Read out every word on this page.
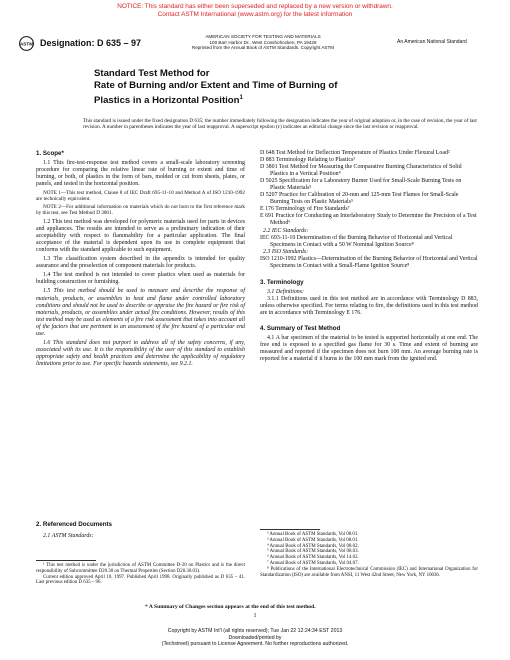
NOTICE: This standard has either been superseded and replaced by a new version or withdrawn.
Contact ASTM International (www.astm.org) for the latest information
ASTM Designation: D 635 – 97
AMERICAN SOCIETY FOR TESTING AND MATERIALS
100 Barr Harbor Dr., West Conshohocken, PA 19428
Reprinted from the Annual Book of ASTM Standards. Copyright ASTM
An American National Standard
Standard Test Method for
Rate of Burning and/or Extent and Time of Burning of
Plastics in a Horizontal Position$^1$
This standard is issued under the fixed designation D 635; the number immediately following the designation indicates the year of original adoption or, in the case of revision, the year of last revision. A number in parentheses indicates the year of last reapproval. A superscript epsilon (ε) indicates an editorial change since the last revision or reapproval.
1. Scope*

1.1 This fire-test-response test method covers a small-scale laboratory screening procedure for comparing the relative linear rate of burning or extent and time of burning, or both, of plastics in the form of bars, molded or cut from sheets, plates, or panels, and tested in the horizontal position.

NOTE 1—This test method, Clause 8 of IEC Draft 695-11-10 and Method A of ISO 1210-1992 are technically equivalent.

NOTE 2—For additional information on materials which do not burn to the first reference mark by this test, see Test Method D 3801.

1.2 This test method was developed for polymeric materials used for parts in devices and appliances. The results are intended to serve as a preliminary indication of their acceptability with respect to flammability for a particular application. The final acceptance of the material is dependent upon its use in complete equipment that conforms with the standard applicable to such equipment.

1.3 The classification system described in the appendix is intended for quality assurance and the preselection of component materials for products.

1.4 The test method is not intended to cover plastics when used as materials for building construction or furnishing.

1.5 This test method should be used to measure and describe the response of materials, products, or assemblies to heat and flame under controlled laboratory conditions and should not be used to describe or appraise the fire hazard or fire risk of materials, products, or assemblies under actual fire conditions. However, results of this test method may be used as elements of a fire risk assessment that takes into account all of the factors that are pertinent to an assessment of the fire hazard of a particular end use.

1.6 This standard does not purport to address all of the safety concerns, if any, associated with its use. It is the responsibility of the user of this standard to establish appropriate safety and health practices and determine the applicability of regulatory limitations prior to use. For specific hazards statements, see 9.2.1.

2. Referenced Documents
2.1 ASTM Standards:
¹ This test method is under the jurisdiction of ASTM Committee D-20 on Plastics and is the direct responsibility of Subcommittee D20.30 on Thermal Properties (Section D20.30.03).
Current edition approved April 10, 1997. Published April 1998. Originally published as D 635 – 41. Last previous edition D 635 – 96.

D 648 Test Method for Deflection Temperature of Plastics Under Flexural Load²

D 883 Terminology Relating to Plastics³

D 3801 Test Method for Measuring the Comparative Burning Characteristics of Solid Plastics in a Vertical Position⁴

D 5025 Specification for a Laboratory Burner Used for Small-Scale Burning Tests on Plastic Materials⁵

D 5207 Practice for Calibration of 20-mm and 125-mm Test Flames for Small-Scale Burning Tests on Plastic Materials⁵

E 176 Terminology of Fire Standards⁷

E 691 Practice for Conducting an Interlaboratory Study to Determine the Precision of a Test Method⁶

2.2 IEC Standards:

IEC 693-11-10 Determination of the Burning Behavior of Horizontal and Vertical Specimens in Contact with a 50 W Nominal Ignition Source⁸

2.3 ISO Standards:

ISO 1210-1992 Plastics—Determination of the Burning Behavior of Horizontal and Vertical Specimens in Contact with a Small-Flame Ignition Source⁸

3. Terminology
3.1 Definitions:

3.1.1 Definitions used in this test method are in accordance with Terminology D 883, unless otherwise specified. For terms relating to fire, the definitions used in this test method are in accordance with Terminology E 176.

4. Summary of Test Method

4.1 A bar specimen of the material to be tested is supported horizontally at one end. The free end is exposed to a specified gas flame for 30 s. Time and extent of burning are measured and reported if the specimen does not burn 100 mm. An average burning rate is reported for a material if it burns to the 100 mm mark from the ignited end.

² Annual Book of ASTM Standards, Vol 08.01.
³ Annual Book of ASTM Standards, Vol 08.01.
⁴ Annual Book of ASTM Standards, Vol 08.02.
⁵ Annual Book of ASTM Standards, Vol 08.03.
⁶ Annual Book of ASTM Standards, Vol 14.02.
⁷ Annual Book of ASTM Standards, Vol 04.07.
⁸ Publications of the International Electrotechnical Commission (IEC) and International Organization for Standardization (ISO) are available from ANSI, 11 West 42nd Street, New York, NY 10036.
* A Summary of Changes section appears at the end of this test method.
1
Copyright by ASTM Int'l (all rights reserved); Tue Jan 22 12:24:34 EST 2013
Downloaded/printed by
(Techstreet) pursuant to License Agreement. No further reproductions authorized.
